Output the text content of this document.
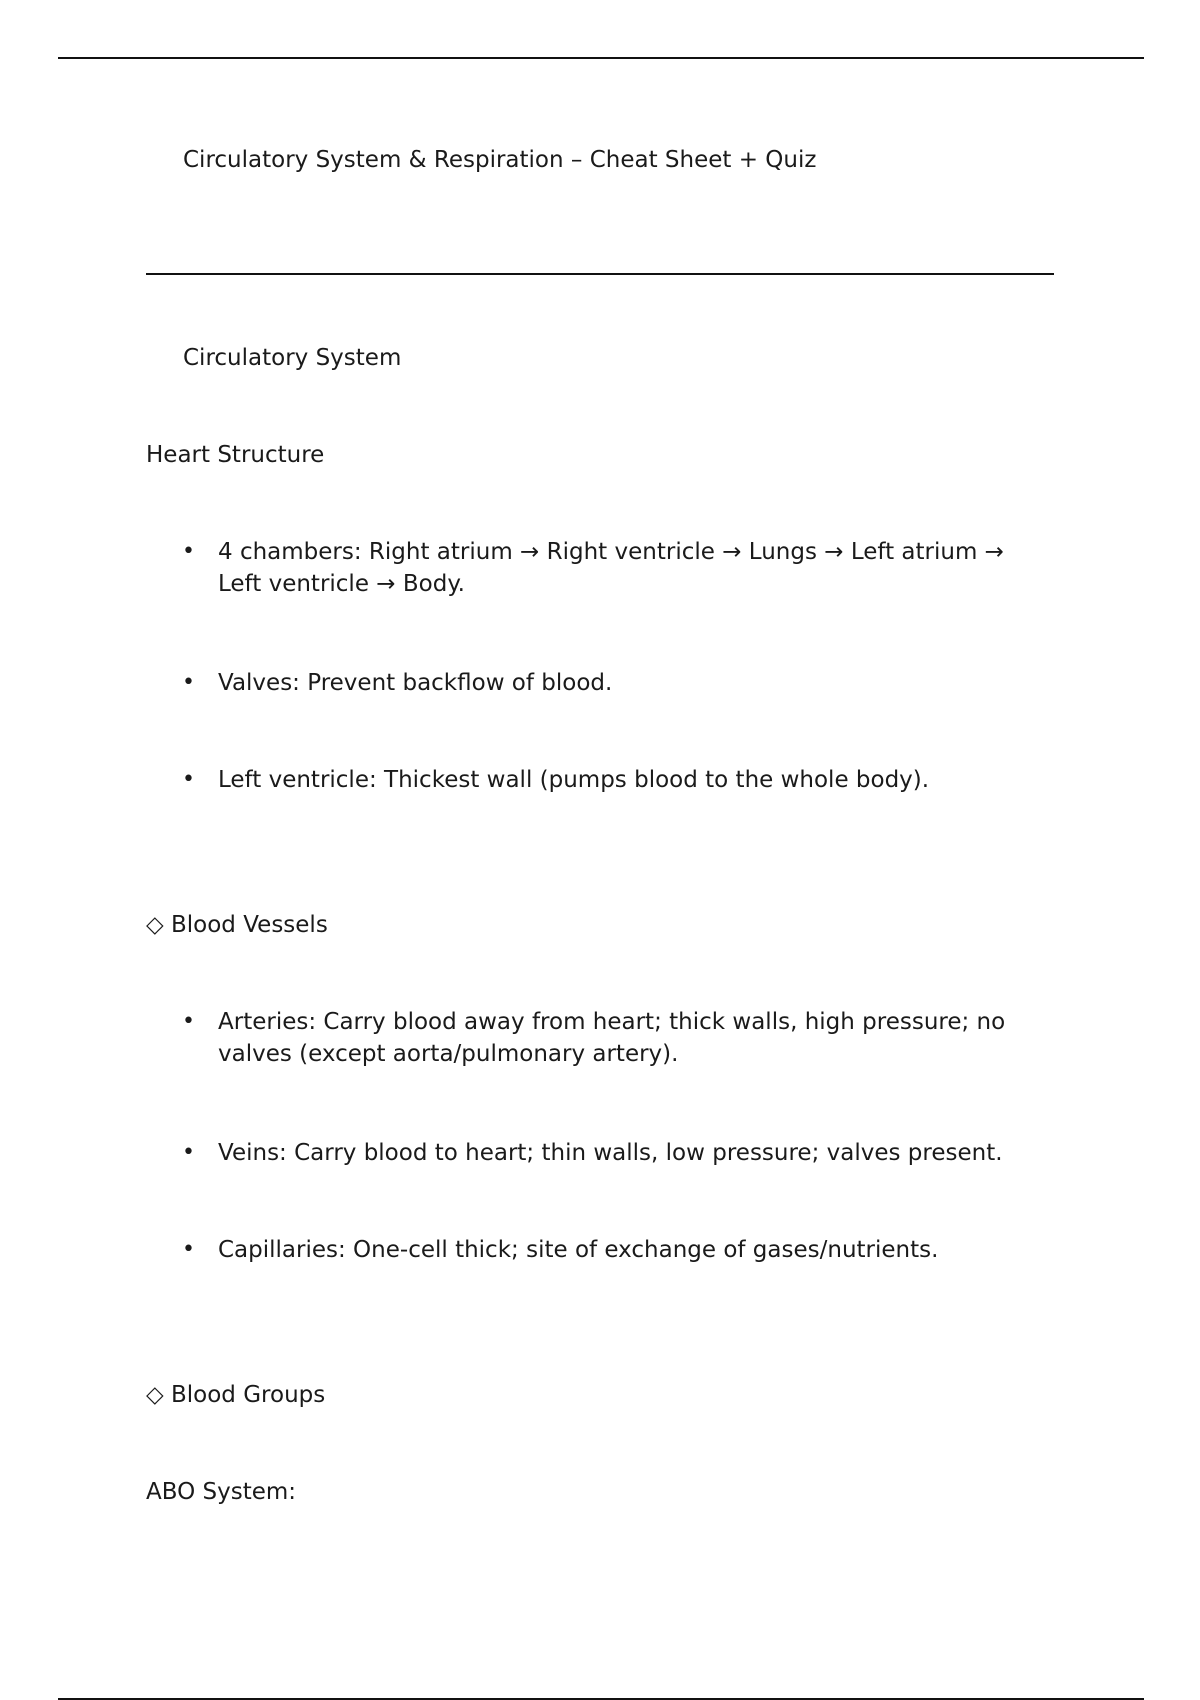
Circulatory System & Respiration – Cheat Sheet + Quiz
Circulatory System
Heart Structure
• 4 chambers: Right atrium → Right ventricle → Lungs → Left atrium → Left ventricle → Body.
• Valves: Prevent backflow of blood.
• Left ventricle: Thickest wall (pumps blood to the whole body).
◇ Blood Vessels
• Arteries: Carry blood away from heart; thick walls, high pressure; no valves (except aorta/pulmonary artery).
• Veins: Carry blood to heart; thin walls, low pressure; valves present.
• Capillaries: One-cell thick; site of exchange of gases/nutrients.
◇ Blood Groups
ABO System:
